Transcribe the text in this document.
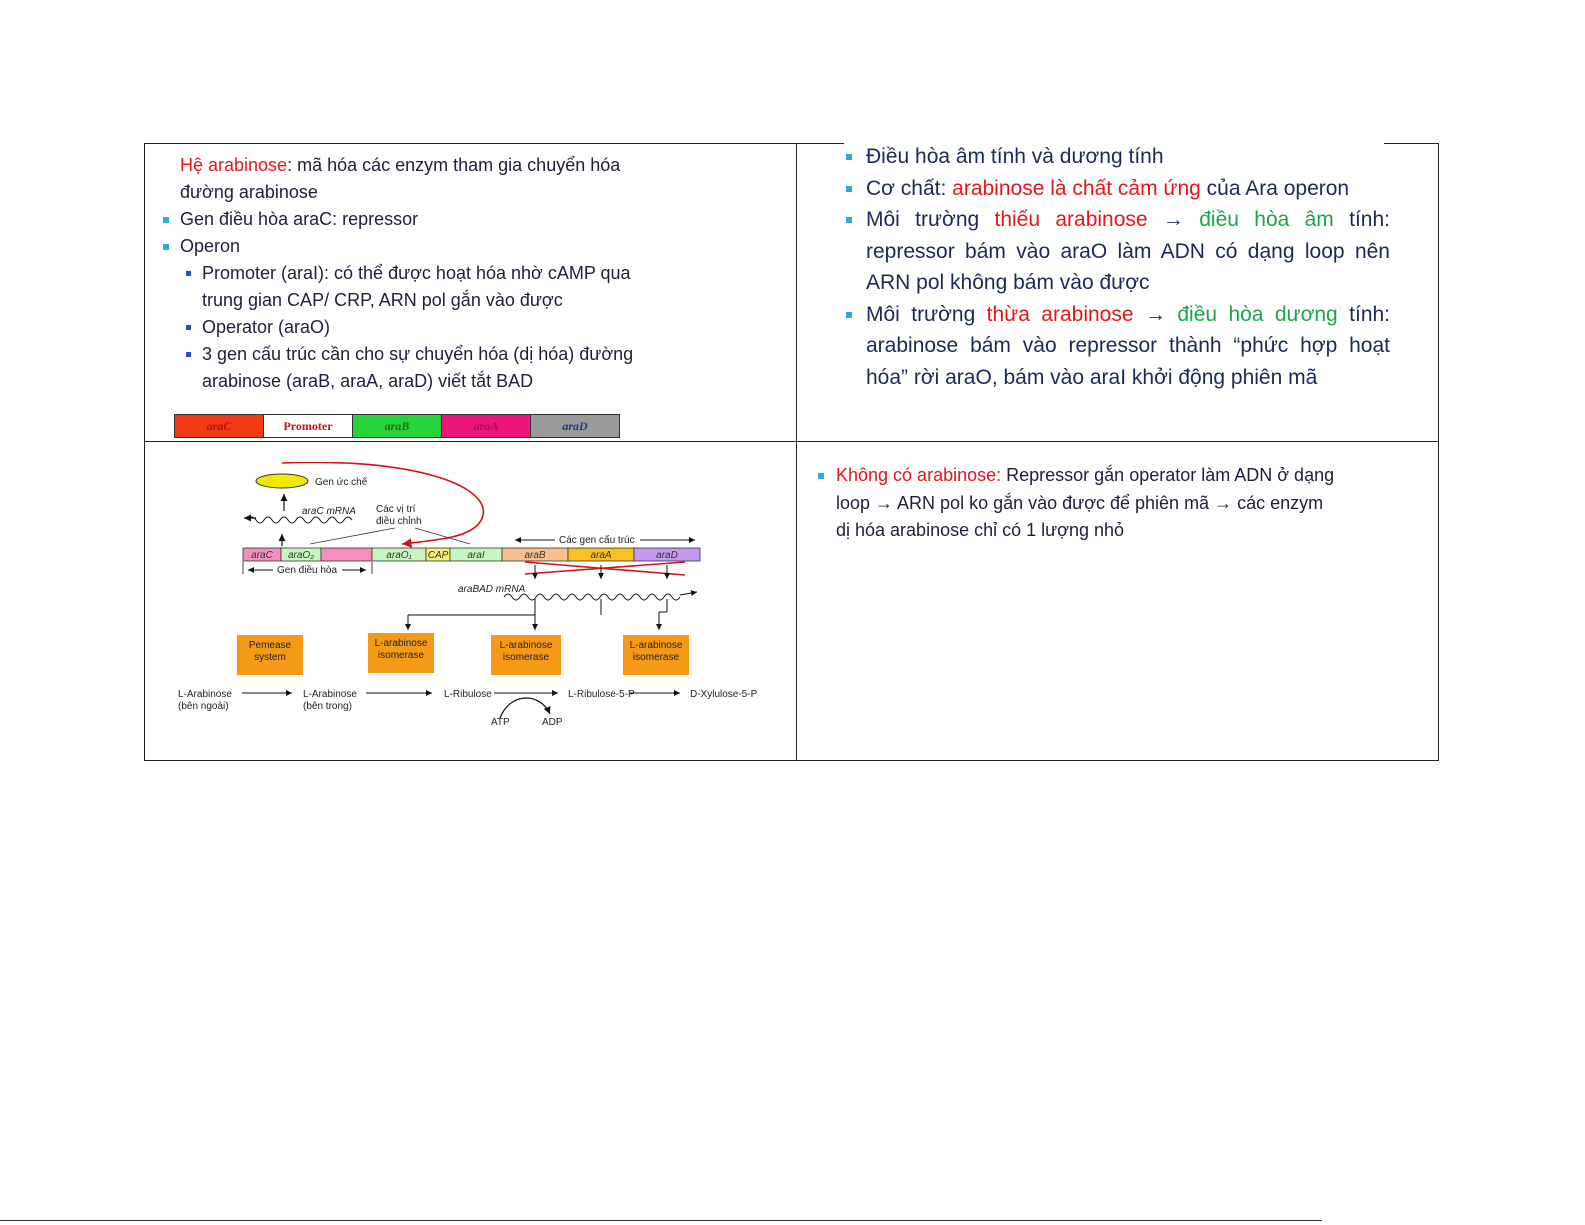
Hệ arabinose: mã hóa các enzym tham gia chuyển hóa đường arabinose

Gen điều hòa araC: repressor
Operon
Promoter (araI): có thể được hoạt hóa nhờ cAMP qua trung gian CAP/ CRP, ARN pol gắn vào được
Operator (araO)
3 gen cấu trúc cần cho sự chuyển hóa (dị hóa) đường arabinose (araB, araA, araD) viết tắt BAD
araC	Promoter	araB	araA	araD
Điều hòa âm tính và dương tính
Cơ chất: arabinose là chất cảm ứng của Ara operon
Môi trường thiếu arabinose → điều hòa âm tính: repressor bám vào araO làm ADN có dạng loop nên ARN pol không bám vào được
Môi trường thừa arabinose → điều hòa dương tính: arabinose bám vào repressor thành “phức hợp hoạt hóa” rời araO, bám vào araI khởi động phiên mã
Gen ức chế
araC mRNA Các vị trí
điều chỉnh
Các gen cấu trúc
araC araO₂	araO₁ CAP araI	araB	araA	araD
Gen điều hòa
araBAD mRNA
Pemease system
L-arabinose isomerase
L-arabinose isomerase
L-arabinose isomerase
L-Arabinose
(bên ngoài)
L-Arabinose
(bên trong)
L-Ribulose	L-Ribulose-5-P	D-Xylulose-5-P
ATP	ADP
Không có arabinose: Repressor gắn operator làm ADN ở dạng loop → ARN pol ko gắn vào được để phiên mã → các enzym dị hóa arabinose chỉ có 1 lượng nhỏ
